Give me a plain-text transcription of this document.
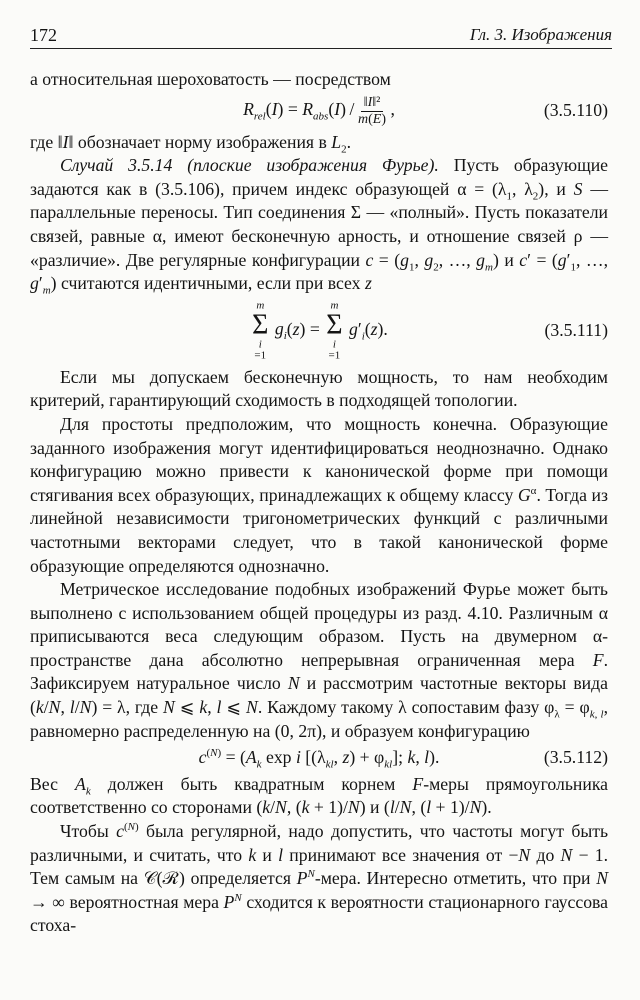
172	Гл. 3. Изображения

а относительная шероховатость — посредством

$R_{rel}(I) = R_{abs}(I) / \frac{\text{‖I‖²}}{m(E)}$ ,	(3.5.110)

где ‖I‖ обозначает норму изображения в $L_2$.

Случай 3.5.14 (плоские изображения Фурье). Пусть образующие задаются как в (3.5.106), причем индекс образующей $\alpha = (\lambda_1$, $\lambda_2$), и S — параллельные переносы. Тип соединения Σ — «полный». Пусть показатели связей, равные α, имеют бесконечную арность, и отношение связей ρ — «различие». Две регулярные конфигурации $c = (g_1$, $g_2$, …, $g_m$) и $c' = (g'_1$, …, $g'_m$) считаются идентичными, если при всех z

m
Σ
i
=1 $g_i(z)$ =
m
Σ
i
=1 $g'_i(z)$.	(3.5.111)

Если мы допускаем бесконечную мощность, то нам необходим критерий, гарантирующий сходимость в подходящей топологии.

Для простоты предположим, что мощность конечна. Образующие заданного изображения могут идентифицироваться неоднозначно. Однако конфигурацию можно привести к канонической форме при помощи стягивания всех образующих, принадлежащих к общему классу $G^\alpha$. Тогда из линейной независимости тригонометрических функций с различными частотными векторами следует, что в такой канонической форме образующие определяются однозначно.

Метрическое исследование подобных изображений Фурье может быть выполнено с использованием общей процедуры из разд. 4.10. Различным α приписываются веса следующим образом. Пусть на двумерном α-пространстве дана абсолютно непрерывная ограниченная мера F. Зафиксируем натуральное число N и рассмотрим частотные векторы вида (k/N, l/N) = λ, где N ⩽ k, l ⩽ N. Каждому такому λ сопоставим фазу $\varphi_\lambda = \varphi_{k, l}$, равномерно распределенную на (0, 2π), и образуем конфигурацию

$c^{(N)} = (A_k$ exp i [($\lambda_{kl}$, $z) + \varphi_{kl}$]; k, l).	(3.5.112)

Вес $A_k$ должен быть квадратным корнем F-меры прямоугольника соответственно со сторонами (k/N, (k + 1)/N) и (l/N, (l + 1)/N).

Чтобы $c^{(N)}$ была регулярной, надо допустить, что частоты могут быть различными, и считать, что k и l принимают все значения от −N до N − 1. Тем самым на 𝒞(ℛ) определяется $P^N$-мера. Интересно отметить, что при N → ∞ вероятностная мера $P^N$ сходится к вероятности стационарного гауссова стоха-
